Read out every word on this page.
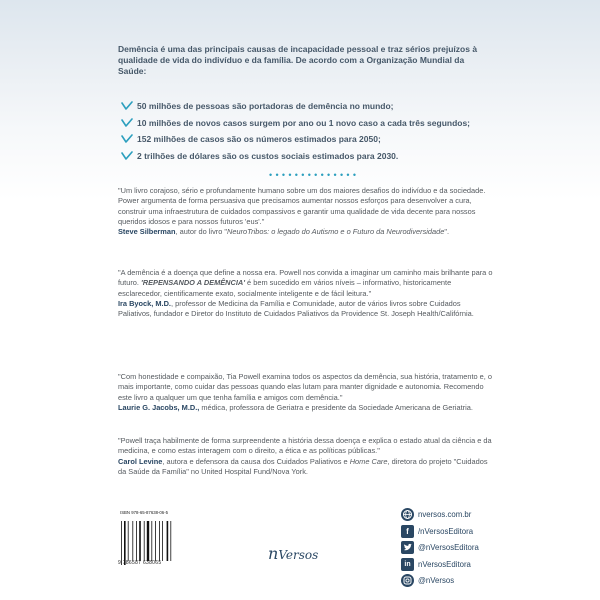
Demência é uma das principais causas de incapacidade pessoal e traz sérios prejuízos à qualidade de vida do indivíduo e da família. De acordo com a Organização Mundial da Saúde:

50 milhões de pessoas são portadoras de demência no mundo;
10 milhões de novos casos surgem por ano ou 1 novo caso a cada três segundos;
152 milhões de casos são os números estimados para 2050;
2 trilhões de dólares são os custos sociais estimados para 2030.
• • • • • • • • • • • • • •

"Um livro corajoso, sério e profundamente humano sobre um dos maiores desafios do indivíduo e da sociedade. Power argumenta de forma persuasiva que precisamos aumentar nossos esforços para desenvolver a cura, construir uma infraestrutura de cuidados compassivos e garantir uma qualidade de vida decente para nossos queridos idosos e para nossos futuros 'eus'."
Steve Silberman, autor do livro "NeuroTribos: o legado do Autismo e o Futuro da Neurodiversidade".

"A demência é a doença que define a nossa era. Powell nos convida a imaginar um caminho mais brilhante para o futuro. 'REPENSANDO A DEMÊNCIA' é bem sucedido em vários níveis – informativo, historicamente esclarecedor, cientificamente exato, socialmente inteligente e de fácil leitura."
Ira Byock, M.D., professor de Medicina da Família e Comunidade, autor de vários livros sobre Cuidados Paliativos, fundador e Diretor do Instituto de Cuidados Paliativos da Providence St. Joseph Health/Califórnia.

"Com honestidade e compaixão, Tia Powell examina todos os aspectos da demência, sua história, tratamento e, o mais importante, como cuidar das pessoas quando elas lutam para manter dignidade e autonomia. Recomendo este livro a qualquer um que tenha família e amigos com demência."
Laurie G. Jacobs, M.D., médica, professora de Geriatra e presidente da Sociedade Americana de Geriatria.

"Powell traça habilmente de forma surpreendente a história dessa doença e explica o estado atual da ciência e da medicina, e como estas interagem com o direito, a ética e as políticas públicas."
Carol Levine, autora e defensora da causa dos Cuidados Paliativos e Home Care, diretora do projeto "Cuidados da Saúde da Família" no United Hospital Fund/Nova York.

ISBN 978-65-87638-06-5
9 786587 638065	nVersos
nversos.com.br
f	/nVersosEditora
@nVersosEditora
in nVersosEditora
@nVersos
